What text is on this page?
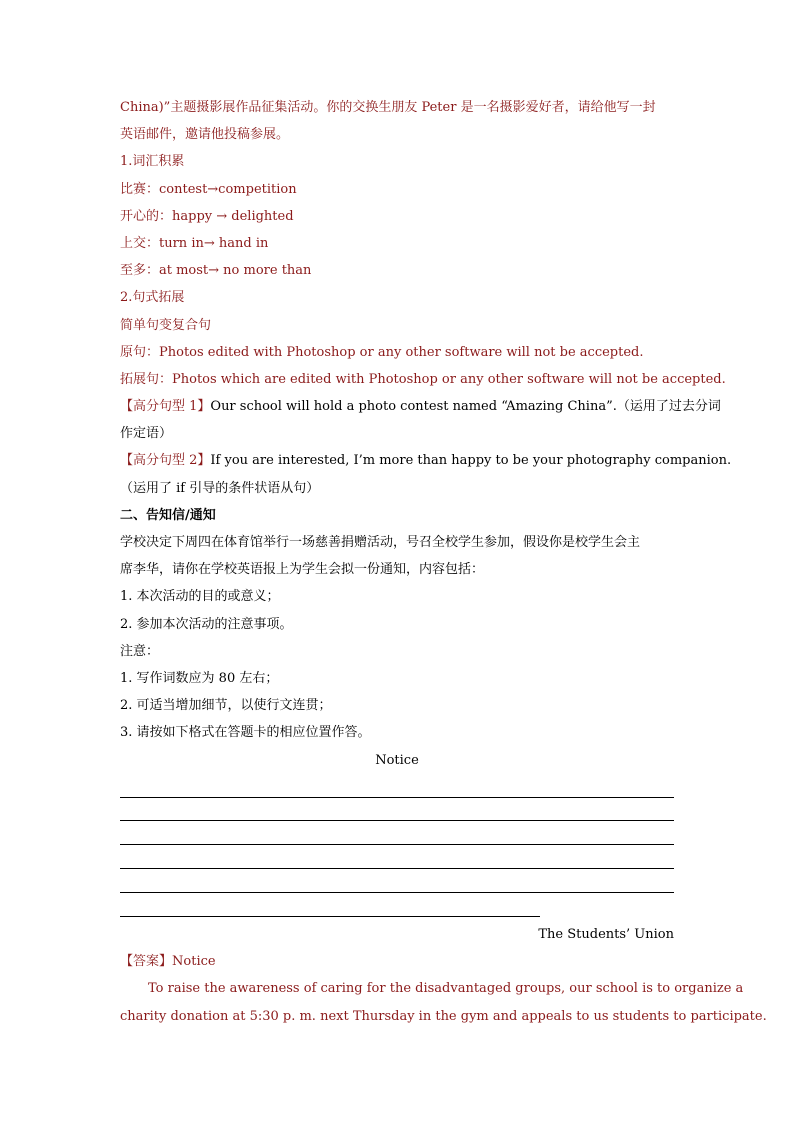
China)”主题摄影展作品征集活动。你的交换生朋友 Peter 是一名摄影爱好者，请给他写一封
英语邮件，邀请他投稿参展。
1.词汇积累
比赛：contest→competition
开心的：happy → delighted
上交：turn in→ hand in
至多：at most→ no more than
2.句式拓展
简单句变复合句
原句：Photos edited with Photoshop or any other software will not be accepted.
拓展句：Photos which are edited with Photoshop or any other software will not be accepted.
【高分句型 1】Our school will hold a photo contest named “Amazing China”.（运用了过去分词
作定语）
【高分句型 2】If you are interested, I’m more than happy to be your photography companion.
（运用了 if 引导的条件状语从句）
二、告知信/通知
学校决定下周四在体育馆举行一场慈善捐赠活动，号召全校学生参加，假设你是校学生会主
席李华，请你在学校英语报上为学生会拟一份通知，内容包括：
1. 本次活动的目的或意义；
2. 参加本次活动的注意事项。
注意：
1. 写作词数应为 80 左右；
2. 可适当增加细节，以使行文连贯；
3. 请按如下格式在答题卡的相应位置作答。
Notice
The Students’ Union
【答案】Notice
To raise the awareness of caring for the disadvantaged groups, our school is to organize a
charity donation at 5:30 p. m. next Thursday in the gym and appeals to us students to participate.
